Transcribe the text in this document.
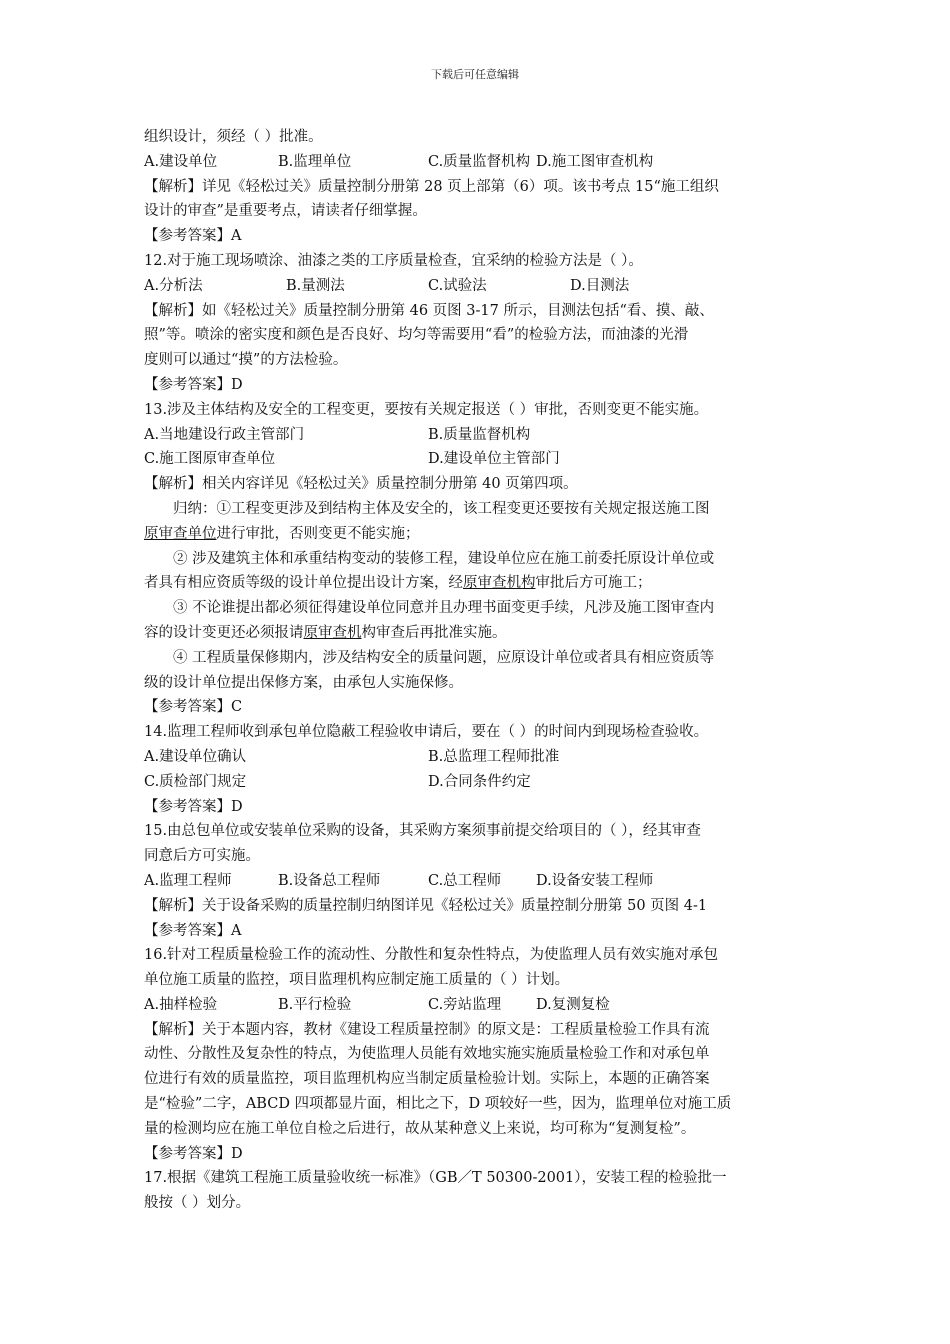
下载后可任意编辑
组织设计，须经（ ）批准。
A.建设单位	B.监理单位	C.质量监督机构 D.施工图审查机构
【解析】详见《轻松过关》质量控制分册第 28 页上部第（6）项。该书考点 15“施工组织
设计的审查”是重要考点，请读者仔细掌握。
【参考答案】A
12.对于施工现场喷涂、油漆之类的工序质量检查，宜采纳的检验方法是（ ）。
A.分析法	B.量测法	C.试验法	D.目测法
【解析】如《轻松过关》质量控制分册第 46 页图 3-17 所示，目测法包括“看、摸、敲、
照”等。喷涂的密实度和颜色是否良好、均匀等需要用“看”的检验方法，而油漆的光滑
度则可以通过“摸”的方法检验。
【参考答案】D
13.涉及主体结构及安全的工程变更，要按有关规定报送（ ）审批，否则变更不能实施。
A.当地建设行政主管部门	B.质量监督机构
C.施工图原审查单位	D.建设单位主管部门
【解析】相关内容详见《轻松过关》质量控制分册第 40 页第四项。
归纳：①工程变更涉及到结构主体及安全的，该工程变更还要按有关规定报送施工图
原审查单位进行审批，否则变更不能实施；
② 涉及建筑主体和承重结构变动的装修工程，建设单位应在施工前委托原设计单位或
者具有相应资质等级的设计单位提出设计方案，经原审查机构审批后方可施工；
③ 不论谁提出都必须征得建设单位同意并且办理书面变更手续，凡涉及施工图审查内
容的设计变更还必须报请原审查机构审查后再批准实施。
④ 工程质量保修期内，涉及结构安全的质量问题，应原设计单位或者具有相应资质等
级的设计单位提出保修方案，由承包人实施保修。
【参考答案】C
14.监理工程师收到承包单位隐蔽工程验收申请后，要在（ ）的时间内到现场检查验收。
A.建设单位确认	B.总监理工程师批准
C.质检部门规定	D.合同条件约定
【参考答案】D
15.由总包单位或安装单位采购的设备，其采购方案须事前提交给项目的（ ），经其审查
同意后方可实施。
A.监理工程师	B.设备总工程师	C.总工程师	D.设备安装工程师
【解析】关于设备采购的质量控制归纳图详见《轻松过关》质量控制分册第 50 页图 4-1
【参考答案】A
16.针对工程质量检验工作的流动性、分散性和复杂性特点，为使监理人员有效实施对承包
单位施工质量的监控，项目监理机构应制定施工质量的（ ）计划。
A.抽样检验	B.平行检验	C.旁站监理	D.复测复检
【解析】关于本题内容，教材《建设工程质量控制》的原文是：工程质量检验工作具有流
动性、分散性及复杂性的特点，为使监理人员能有效地实施实施质量检验工作和对承包单
位进行有效的质量监控，项目监理机构应当制定质量检验计划。实际上，本题的正确答案
是“检验”二字，ABCD 四项都显片面，相比之下，D 项较好一些，因为，监理单位对施工质
量的检测均应在施工单位自检之后进行，故从某种意义上来说，均可称为“复测复检”。
【参考答案】D
17.根据《建筑工程施工质量验收统一标准》（GB／T 50300-2001），安装工程的检验批一
般按（ ）划分。
